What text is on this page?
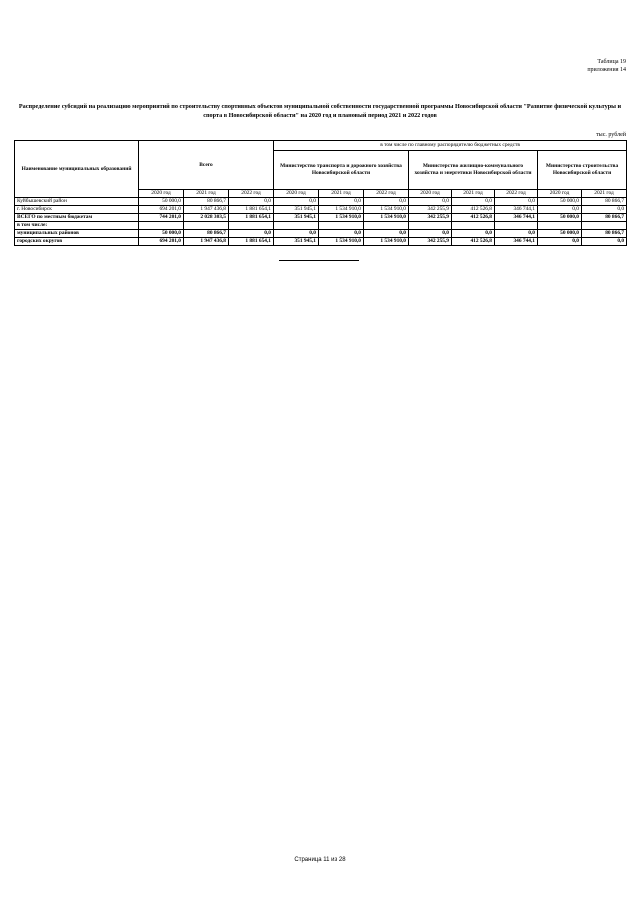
Таблица 19
приложения 14
Распределение субсидий на реализацию мероприятий по строительству спортивных объектов муниципальной собственности государственной программы Новосибирской области "Развитие физической культуры и спорта в Новосибирской области" на 2020 год и плановый период 2021 и 2022 годов
тыс. рублей
Наименование муниципальных образований	Всего			в том числе по главному распорядителю бюджетных средств							
				Министерство транспорта и дорожного хозяйства Новосибирской области			Министерство жилищно-коммунального хозяйства и энергетики Новосибирской области			Министерство строительства Новосибирской области	
	2020 год	2021 год	2022 год	2020 год	2021 год	2022 год	2020 год	2021 год	2022 год	2020 год	2021 год
Куйбышевский район	50 000,0	80 866,7	0,0	0,0	0,0	0,0	0,0	0,0	0,0	50 000,0	80 866,7
г. Новосибирск	694 201,0	1 947 436,8	1 881 654,1	351 945,1	1 534 910,0	1 534 910,0	342 255,9	412 526,8	346 744,1	0,0	0,0
ВСЕГО по местным бюджетам	744 201,0	2 028 303,5	1 881 654,1	351 945,1	1 534 910,0	1 534 910,0	342 255,9	412 526,8	346 744,1	50 000,0	80 866,7
в том числе:											
муниципальных районов	50 000,0	80 866,7	0,0	0,0	0,0	0,0	0,0	0,0	0,0	50 000,0	80 866,7
городских округов	694 201,0	1 947 436,8	1 881 654,1	351 945,1	1 534 910,0	1 534 910,0	342 255,9	412 526,8	346 744,1	0,0	0,0
Страница 11 из 28
